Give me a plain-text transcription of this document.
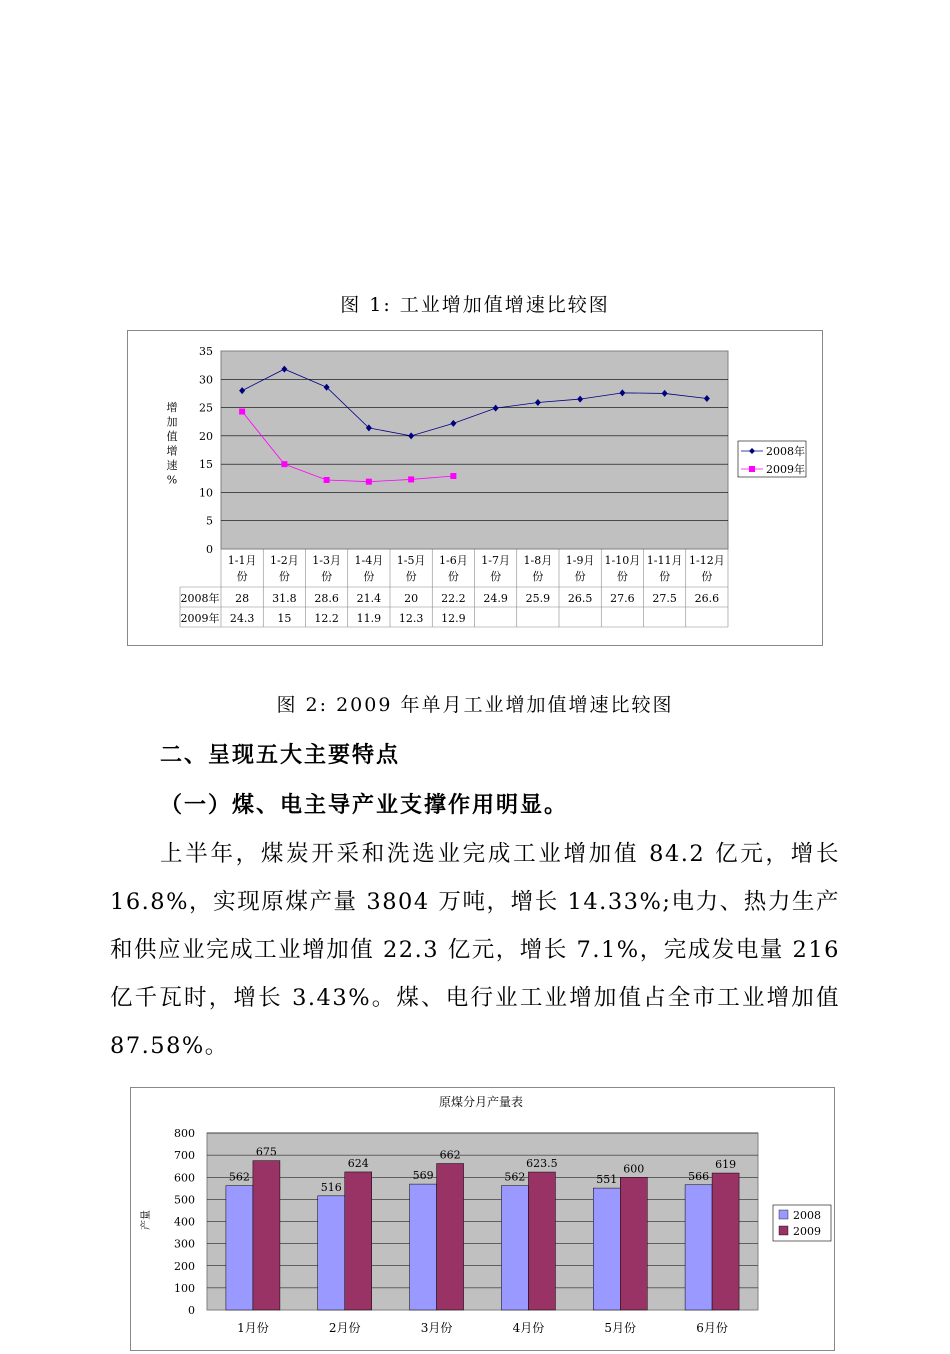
图 1: 工业增加值增速比较图
0
5
10
15
20
25
30
35
增
加
值
增
速
%
1-1月
份
1-2月
份
1-3月
份
1-4月
份
1-5月
份
1-6月
份
1-7月
份
1-8月
份
1-9月
份
1-10月
份
1-11月
份
1-12月
份
2008年 28 31.8 28.6 21.4 20 22.2 24.9 25.9 26.5 27.6 27.5 26.6
2009年 24.3 15 12.2 11.9 12.3 12.9
2008年
2009年
图 2: 2009 年单月工业增加值增速比较图
二、呈现五大主要特点
（一）煤、电主导产业支撑作用明显。
上半年，煤炭开采和洗选业完成工业增加值 84.2 亿元，增长 16.8%，实现原煤产量 3804 万吨，增长 14.33%;电力、热力生产和供应业完成工业增加值 22.3 亿元，增长 7.1%，完成发电量 216 亿千瓦时，增长 3.43%。煤、电行业工业增加值占全市工业增加值 87.58%。
原煤分月产量表
0
100
200
300
400
500
600
700
800
产量
562
675
1月份
516
624
2月份
569
662
3月份
562
623.5
4月份
551
600
5月份
566
619
6月份
2008
2009
